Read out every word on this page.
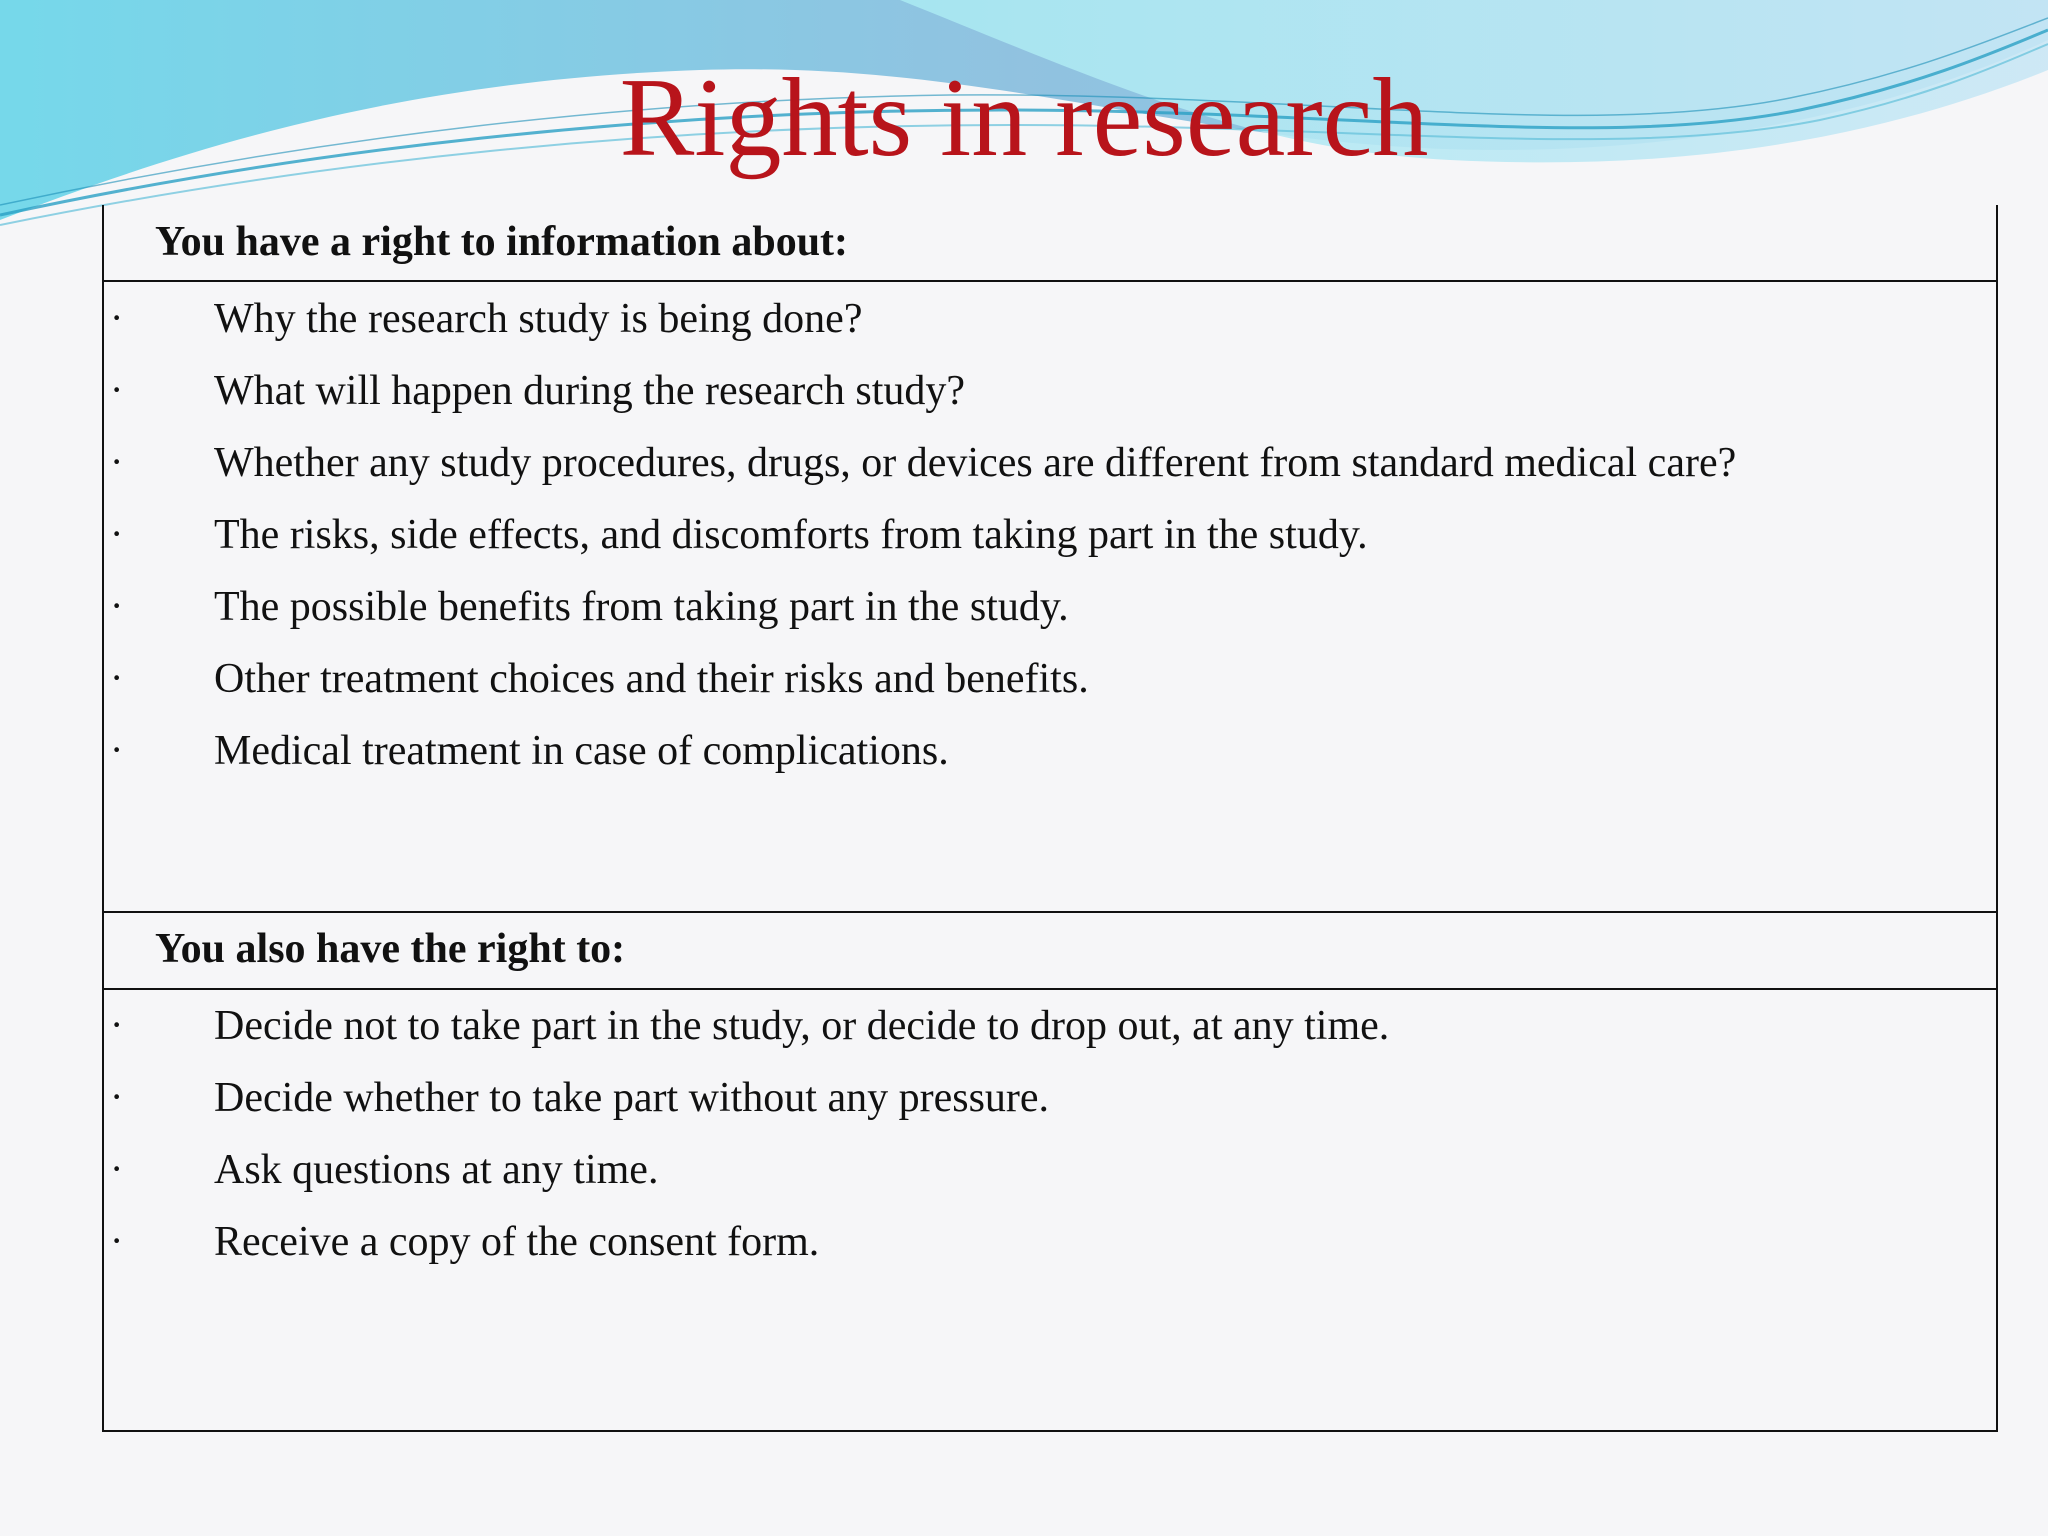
Rights in research
You have a right to information about:
· Why the research study is being done?
· What will happen during the research study?
· Whether any study procedures, drugs, or devices are different from standard medical care?
· The risks, side effects, and discomforts from taking part in the study.
· The possible benefits from taking part in the study.
· Other treatment choices and their risks and benefits.
· Medical treatment in case of complications.
You also have the right to:
· Decide not to take part in the study, or decide to drop out, at any time.
· Decide whether to take part without any pressure.
· Ask questions at any time.
· Receive a copy of the consent form.
